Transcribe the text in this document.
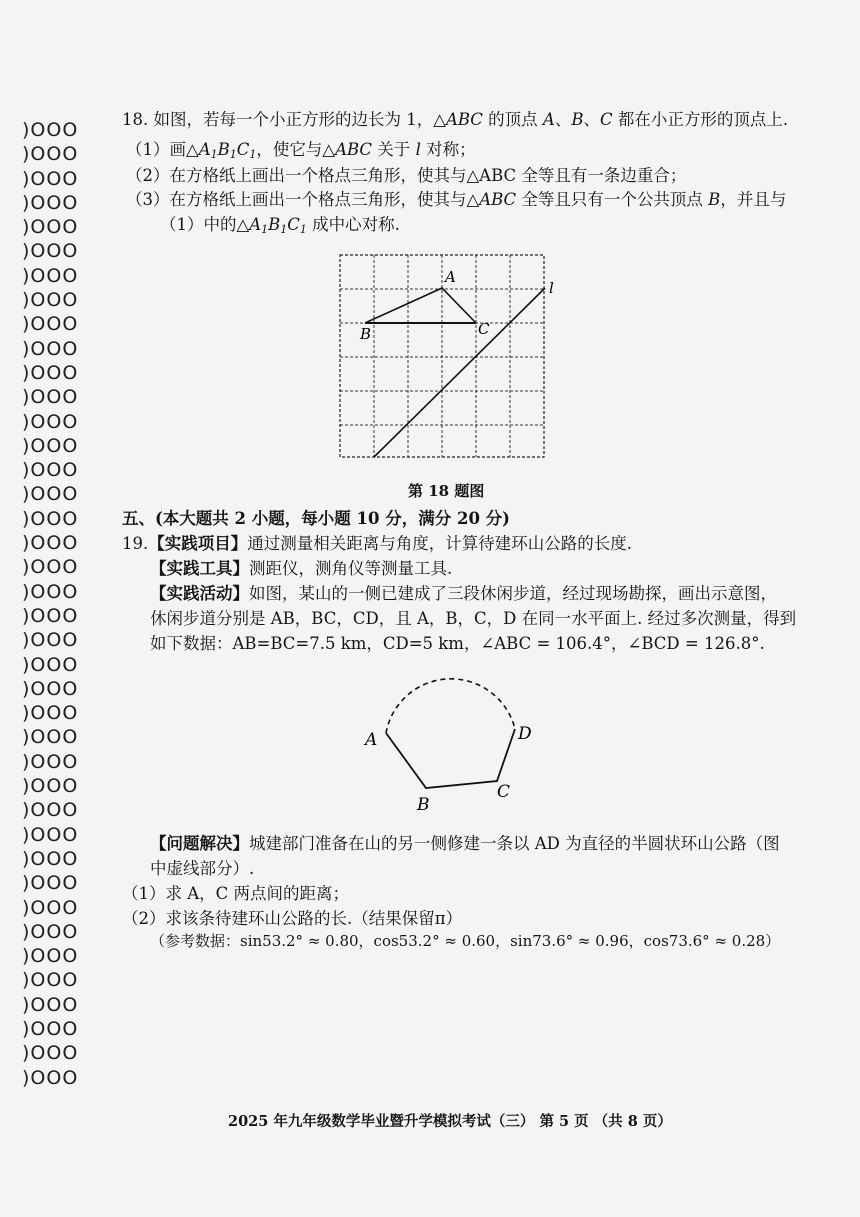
)OOO
)OOO
)OOO
)OOO
)OOO
)OOO
)OOO
)OOO
)OOO
)OOO
)OOO
)OOO
)OOO
)OOO
)OOO
)OOO
)OOO
)OOO
)OOO
)OOO
)OOO
)OOO
)OOO
)OOO
)OOO
)OOO
)OOO
)OOO
)OOO
)OOO
)OOO
)OOO
)OOO
)OOO
)OOO
)OOO
)OOO
)OOO
)OOO
)OOO
18. 如图，若每一个小正方形的边长为 1，△ABC 的顶点 A、B、C 都在小正方形的顶点上.
（1）画$\triangle A_1B_1C_1$，使它与△ABC 关于 l 对称；
（2）在方格纸上画出一个格点三角形，使其与△ABC 全等且有一条边重合；
（3）在方格纸上画出一个格点三角形，使其与△ABC 全等且只有一个公共顶点 B，并且与
（1）中的$\triangle A_1B_1C_1$ 成中心对称.
A
B	C
l
第 18 题图
五、(本大题共 2 小题，每小题 10 分，满分 20 分)
19.【实践项目】通过测量相关距离与角度，计算待建环山公路的长度.
【实践工具】测距仪，测角仪等测量工具.
【实践活动】如图，某山的一侧已建成了三段休闲步道，经过现场勘探，画出示意图，
休闲步道分别是 AB，BC，CD，且 A，B，C，D 在同一水平面上. 经过多次测量，得到
如下数据：AB=BC=7.5 km，CD=5 km，∠ABC = 106.4°，∠BCD = 126.8°.
A
B
C
D
【问题解决】城建部门准备在山的另一侧修建一条以 AD 为直径的半圆状环山公路（图
中虚线部分）.
（1）求 A，C 两点间的距离；
（2）求该条待建环山公路的长.（结果保留π）
（参考数据：sin53.2° ≈ 0.80，cos53.2° ≈ 0.60，sin73.6° ≈ 0.96，cos73.6° ≈ 0.28）
2025 年九年级数学毕业暨升学模拟考试（三） 第 5 页 （共 8 页）
